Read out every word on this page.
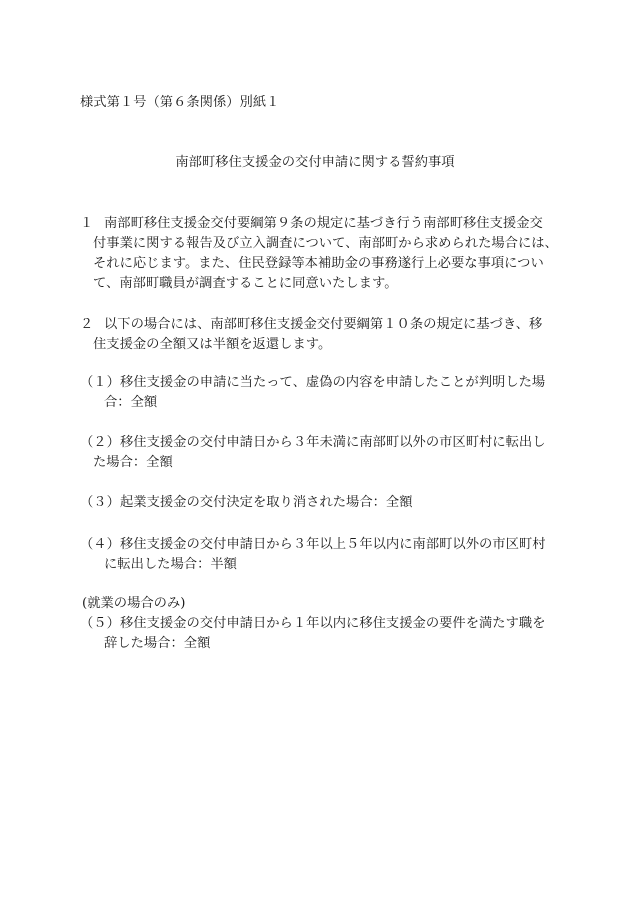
様式第１号（第６条関係）別紙１
南部町移住支援金の交付申請に関する誓約事項
１ 南部町移住支援金交付要綱第９条の規定に基づき行う南部町移住支援金交
付事業に関する報告及び立入調査について、南部町から求められた場合には、
それに応じます。また、住民登録等本補助金の事務遂行上必要な事項につい
て、南部町職員が調査することに同意いたします。
２ 以下の場合には、南部町移住支援金交付要綱第１０条の規定に基づき、移
住支援金の全額又は半額を返還します。
（１） 移住支援金の申請に当たって、虚偽の内容を申請したことが判明した場
合：全額
（２） 移住支援金の交付申請日から３年未満に南部町以外の市区町村に転出し
た場合：全額
（３） 起業支援金の交付決定を取り消された場合：全額
（４） 移住支援金の交付申請日から３年以上５年以内に南部町以外の市区町村
に転出した場合：半額
(就業の場合のみ)
（５） 移住支援金の交付申請日から１年以内に移住支援金の要件を満たす職を
辞した場合：全額
